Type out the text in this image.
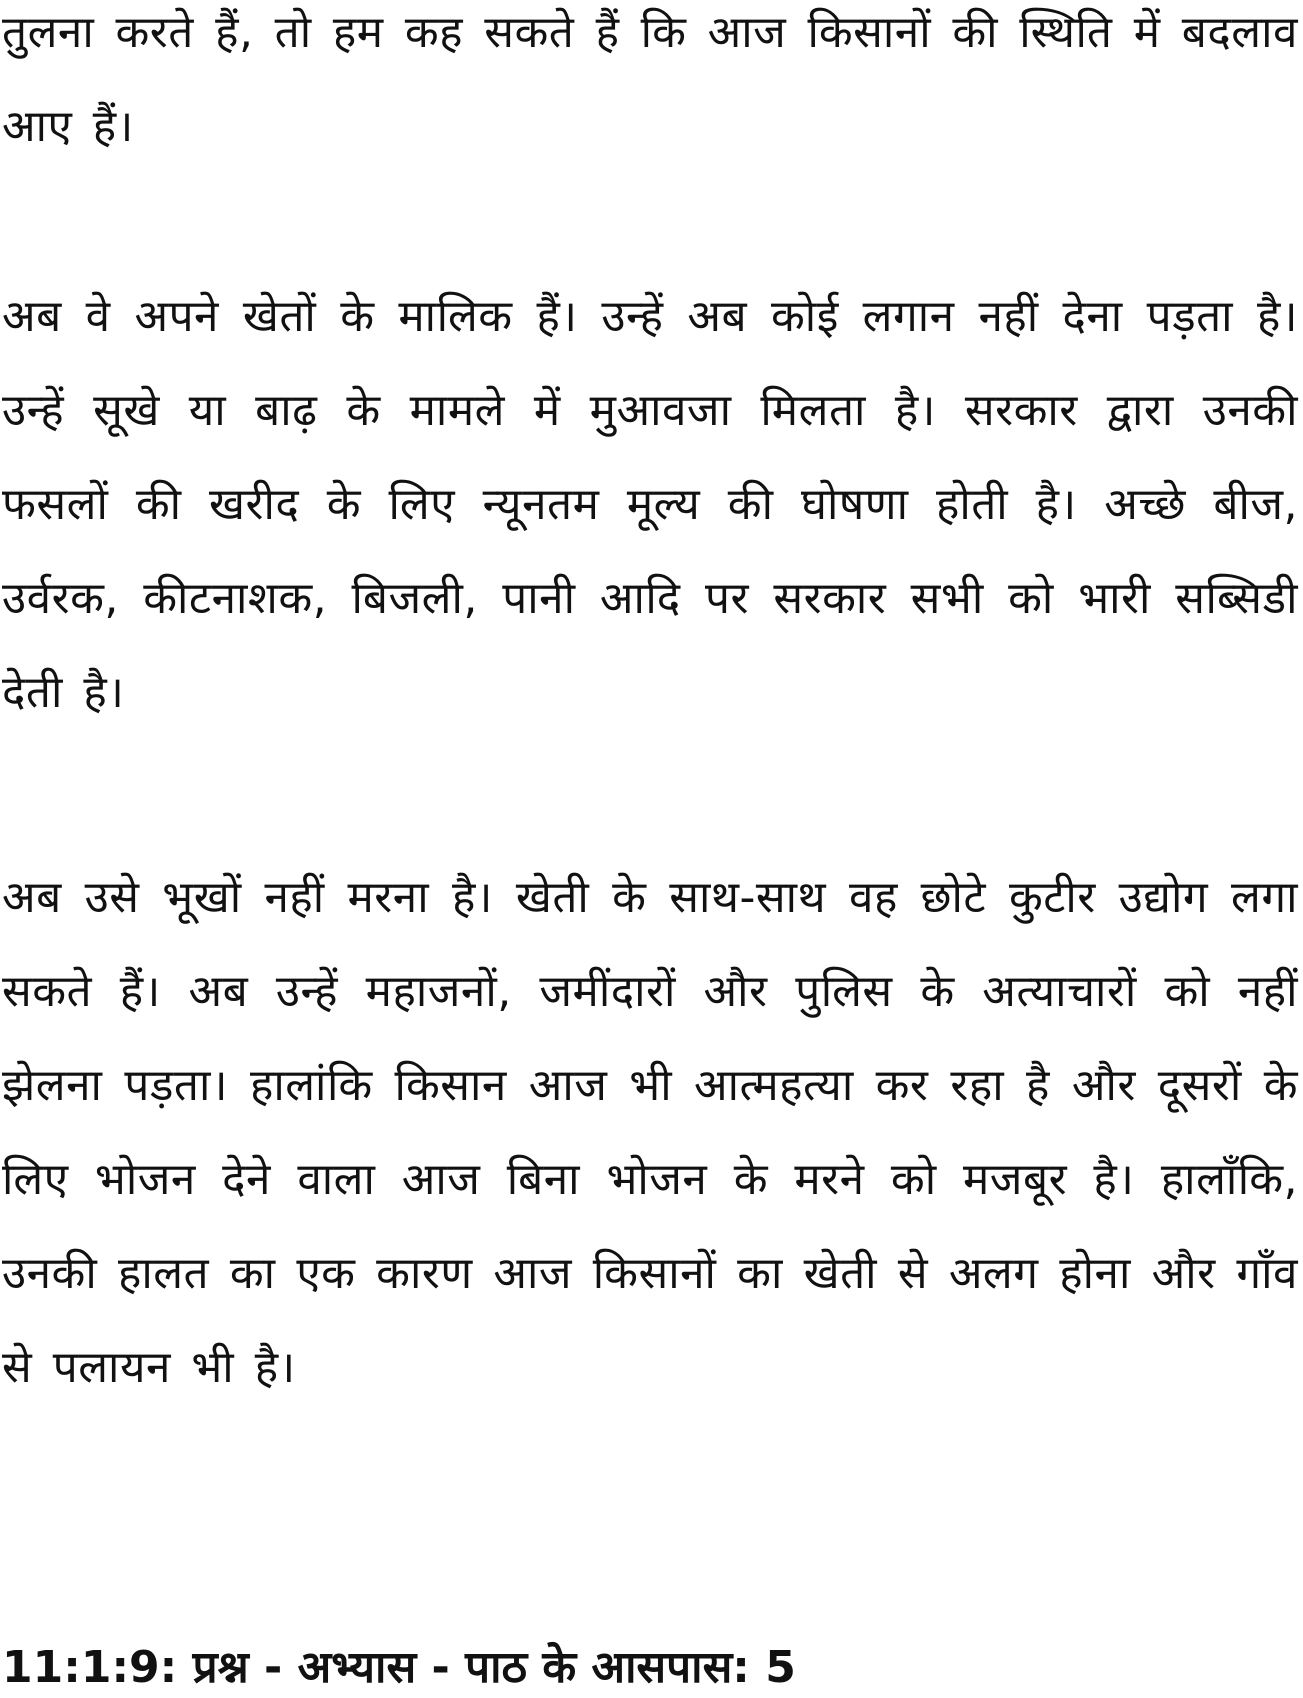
तुलना करते हैं, तो हम कह सकते हैं कि आज किसानों की स्थिति में बदलाव आए हैं।

अब वे अपने खेतों के मालिक हैं। उन्हें अब कोई लगान नहीं देना पड़ता है। उन्हें सूखे या बाढ़ के मामले में मुआवजा मिलता है। सरकार द्वारा उनकी फसलों की खरीद के लिए न्यूनतम मूल्य की घोषणा होती है। अच्छे बीज, उर्वरक, कीटनाशक, बिजली, पानी आदि पर सरकार सभी को भारी सब्सिडी देती है।

अब उसे भूखों नहीं मरना है। खेती के साथ-साथ वह छोटे कुटीर उद्योग लगा सकते हैं। अब उन्हें महाजनों, जमींदारों और पुलिस के अत्याचारों को नहीं झेलना पड़ता। हालांकि किसान आज भी आत्महत्या कर रहा है और दूसरों के लिए भोजन देने वाला आज बिना भोजन के मरने को मजबूर है। हालाँकि, उनकी हालत का एक कारण आज किसानों का खेती से अलग होना और गाँव से पलायन भी है।

11:1:9: प्रश्न - अभ्यास - पाठ के आसपास: 5
